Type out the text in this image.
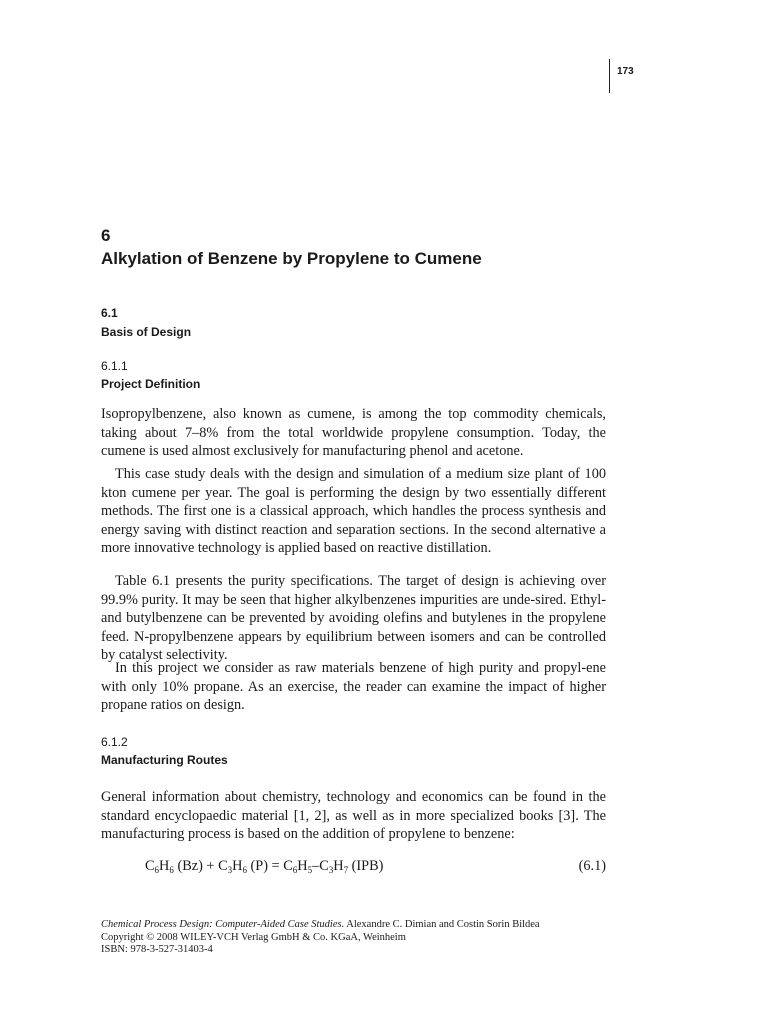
173
6
Alkylation of Benzene by Propylene to Cumene
6.1
Basis of Design
6.1.1
Project Definition

Isopropylbenzene, also known as cumene, is among the top commodity chemicals, taking about 7–8% from the total worldwide propylene consumption. Today, the cumene is used almost exclusively for manufacturing phenol and acetone.

This case study deals with the design and simulation of a medium size plant of 100 kton cumene per year. The goal is performing the design by two essentially different methods. The first one is a classical approach, which handles the process synthesis and energy saving with distinct reaction and separation sections. In the second alternative a more innovative technology is applied based on reactive distillation.

Table 6.1 presents the purity specifications. The target of design is achieving over 99.9% purity. It may be seen that higher alkylbenzenes impurities are unde-sired. Ethyl- and butylbenzene can be prevented by avoiding olefins and butylenes in the propylene feed. N-propylbenzene appears by equilibrium between isomers and can be controlled by catalyst selectivity.

In this project we consider as raw materials benzene of high purity and propyl-ene with only 10% propane. As an exercise, the reader can examine the impact of higher propane ratios on design.

6.1.2
Manufacturing Routes

General information about chemistry, technology and economics can be found in the standard encyclopaedic material [1, 2], as well as in more specialized books [3]. The manufacturing process is based on the addition of propylene to benzene:

$C_6H_6$ $(Bz) + C_3H_6$ $(P) = C_6H_5-C_3H_7$ (IPB)	(6.1)
Chemical Process Design: Computer-Aided Case Studies. Alexandre C. Dimian and Costin Sorin Bildea
Copyright © 2008 WILEY-VCH Verlag GmbH & Co. KGaA, Weinheim
ISBN: 978-3-527-31403-4
